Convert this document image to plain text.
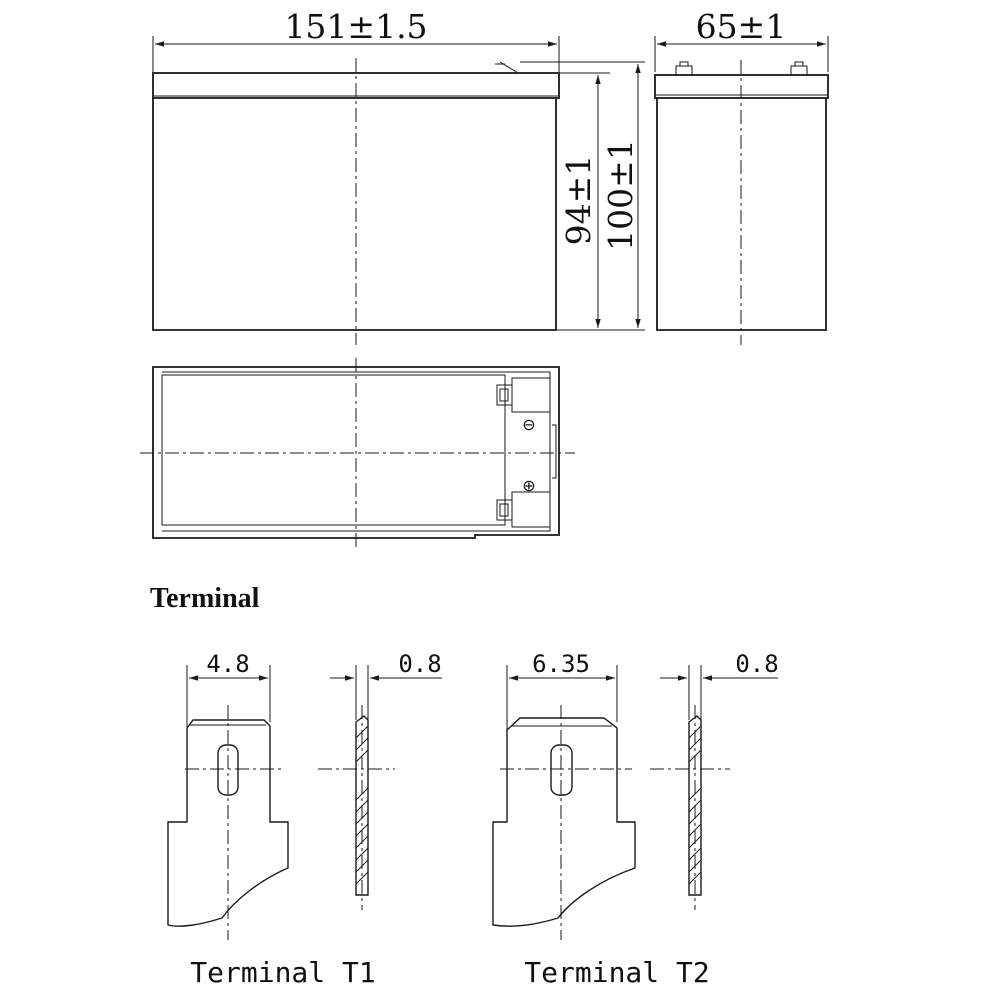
151±1.5
94±1 100±1
65±1
⊖
⊕
Terminal
4.8	0.8	6.35	0.8
Terminal T1	Terminal T2
